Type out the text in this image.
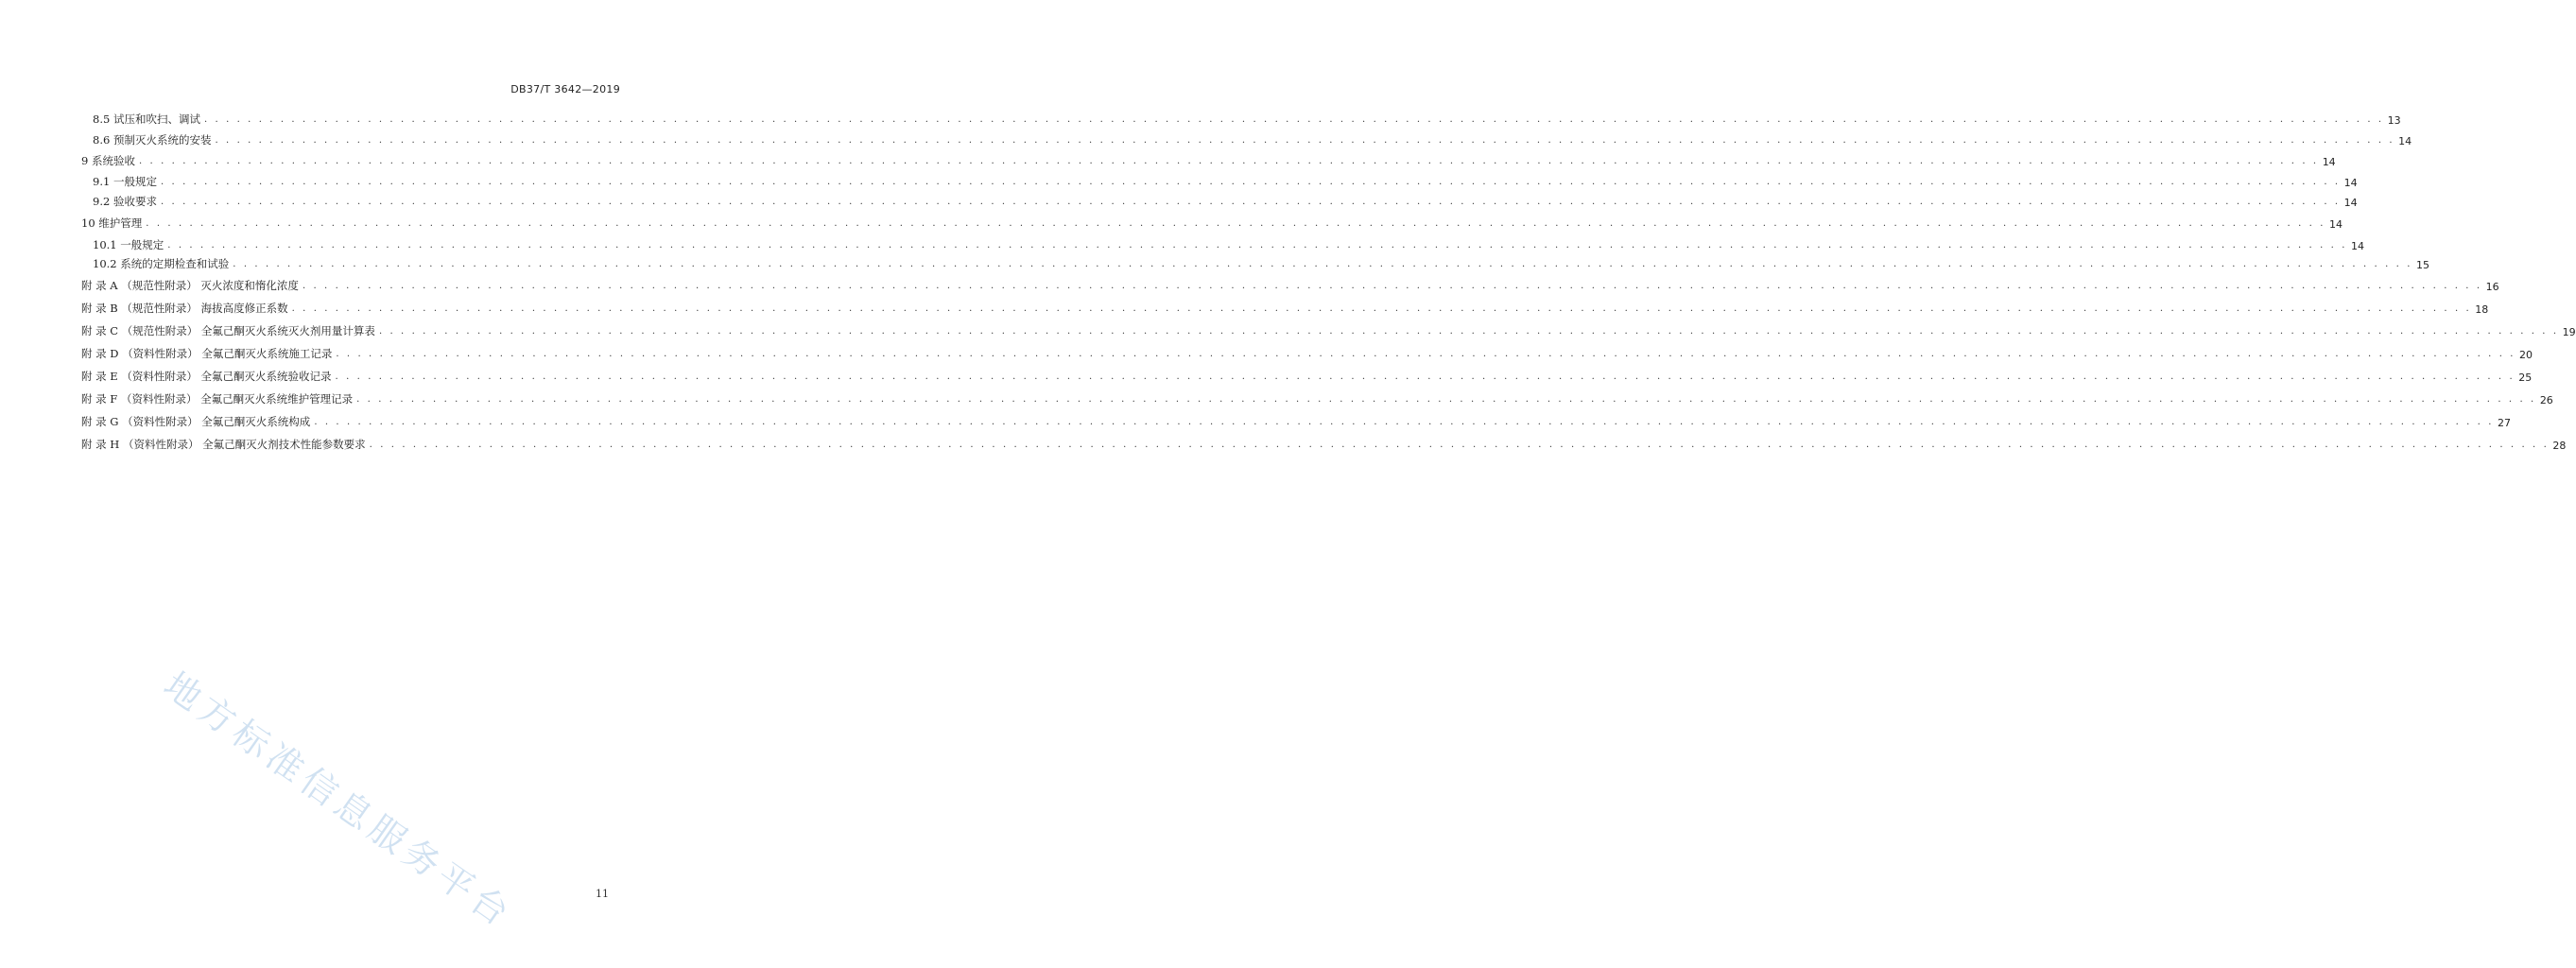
DB37/T 3642—2019
8.5 试压和吹扫、调试 . . . . . . . . . . . . . . . . . . . . . . . . . . . . . . . . . . . . . . . . . . . . . . . . . . . . . . . . . . . . . . . . . . . . . . . . . . . . . . . . . . . . . . . . . . . . . . . . . . . . . . . . . . . . . . . . . . . . . . . . . . . . . . . . . . . . . . . . . . . . . . . . . . . . . . . . . . . . . . . . . . . . . . . . . . . . . . . . . . . . . . . . . . . . . . . . . . . . . . . . 13
8.6 预制灭火系统的安装 . . . . . . . . . . . . . . . . . . . . . . . . . . . . . . . . . . . . . . . . . . . . . . . . . . . . . . . . . . . . . . . . . . . . . . . . . . . . . . . . . . . . . . . . . . . . . . . . . . . . . . . . . . . . . . . . . . . . . . . . . . . . . . . . . . . . . . . . . . . . . . . . . . . . . . . . . . . . . . . . . . . . . . . . . . . . . . . . . . . . . . . . . . . . . . . . . . . . . . . . 14
9 系统验收 . . . . . . . . . . . . . . . . . . . . . . . . . . . . . . . . . . . . . . . . . . . . . . . . . . . . . . . . . . . . . . . . . . . . . . . . . . . . . . . . . . . . . . . . . . . . . . . . . . . . . . . . . . . . . . . . . . . . . . . . . . . . . . . . . . . . . . . . . . . . . . . . . . . . . . . . . . . . . . . . . . . . . . . . . . . . . . . . . . . . . . . . . . . . . . . . . . . . . . . . 14
9.1 一般规定 . . . . . . . . . . . . . . . . . . . . . . . . . . . . . . . . . . . . . . . . . . . . . . . . . . . . . . . . . . . . . . . . . . . . . . . . . . . . . . . . . . . . . . . . . . . . . . . . . . . . . . . . . . . . . . . . . . . . . . . . . . . . . . . . . . . . . . . . . . . . . . . . . . . . . . . . . . . . . . . . . . . . . . . . . . . . . . . . . . . . . . . . . . . . . . . . . . . . . . . . 14
9.2 验收要求 . . . . . . . . . . . . . . . . . . . . . . . . . . . . . . . . . . . . . . . . . . . . . . . . . . . . . . . . . . . . . . . . . . . . . . . . . . . . . . . . . . . . . . . . . . . . . . . . . . . . . . . . . . . . . . . . . . . . . . . . . . . . . . . . . . . . . . . . . . . . . . . . . . . . . . . . . . . . . . . . . . . . . . . . . . . . . . . . . . . . . . . . . . . . . . . . . . . . . . . . 14
10 维护管理 . . . . . . . . . . . . . . . . . . . . . . . . . . . . . . . . . . . . . . . . . . . . . . . . . . . . . . . . . . . . . . . . . . . . . . . . . . . . . . . . . . . . . . . . . . . . . . . . . . . . . . . . . . . . . . . . . . . . . . . . . . . . . . . . . . . . . . . . . . . . . . . . . . . . . . . . . . . . . . . . . . . . . . . . . . . . . . . . . . . . . . . . . . . . . . . . . . . . . . . . 14
10.1 一般规定 . . . . . . . . . . . . . . . . . . . . . . . . . . . . . . . . . . . . . . . . . . . . . . . . . . . . . . . . . . . . . . . . . . . . . . . . . . . . . . . . . . . . . . . . . . . . . . . . . . . . . . . . . . . . . . . . . . . . . . . . . . . . . . . . . . . . . . . . . . . . . . . . . . . . . . . . . . . . . . . . . . . . . . . . . . . . . . . . . . . . . . . . . . . . . . . . . . . . . . . . 14
10.2 系统的定期检查和试验 . . . . . . . . . . . . . . . . . . . . . . . . . . . . . . . . . . . . . . . . . . . . . . . . . . . . . . . . . . . . . . . . . . . . . . . . . . . . . . . . . . . . . . . . . . . . . . . . . . . . . . . . . . . . . . . . . . . . . . . . . . . . . . . . . . . . . . . . . . . . . . . . . . . . . . . . . . . . . . . . . . . . . . . . . . . . . . . . . . . . . . . . . . . . . . . . . . . . . . . . 15
附 录 A （规范性附录） 灭火浓度和惰化浓度 . . . . . . . . . . . . . . . . . . . . . . . . . . . . . . . . . . . . . . . . . . . . . . . . . . . . . . . . . . . . . . . . . . . . . . . . . . . . . . . . . . . . . . . . . . . . . . . . . . . . . . . . . . . . . . . . . . . . . . . . . . . . . . . . . . . . . . . . . . . . . . . . . . . . . . . . . . . . . . . . . . . . . . . . . . . . . . . . . . . . . . . . . . . . . . . . . . . . . . . . 16
附 录 B （规范性附录） 海拔高度修正系数 . . . . . . . . . . . . . . . . . . . . . . . . . . . . . . . . . . . . . . . . . . . . . . . . . . . . . . . . . . . . . . . . . . . . . . . . . . . . . . . . . . . . . . . . . . . . . . . . . . . . . . . . . . . . . . . . . . . . . . . . . . . . . . . . . . . . . . . . . . . . . . . . . . . . . . . . . . . . . . . . . . . . . . . . . . . . . . . . . . . . . . . . . . . . . . . . . . . . . . . . 18
附 录 C （规范性附录） 全氟己酮灭火系统灭火剂用量计算表 . . . . . . . . . . . . . . . . . . . . . . . . . . . . . . . . . . . . . . . . . . . . . . . . . . . . . . . . . . . . . . . . . . . . . . . . . . . . . . . . . . . . . . . . . . . . . . . . . . . . . . . . . . . . . . . . . . . . . . . . . . . . . . . . . . . . . . . . . . . . . . . . . . . . . . . . . . . . . . . . . . . . . . . . . . . . . . . . . . . . . . . . . . . . . . . . . . . . . . . . 19
附 录 D （资料性附录） 全氟己酮灭火系统施工记录 . . . . . . . . . . . . . . . . . . . . . . . . . . . . . . . . . . . . . . . . . . . . . . . . . . . . . . . . . . . . . . . . . . . . . . . . . . . . . . . . . . . . . . . . . . . . . . . . . . . . . . . . . . . . . . . . . . . . . . . . . . . . . . . . . . . . . . . . . . . . . . . . . . . . . . . . . . . . . . . . . . . . . . . . . . . . . . . . . . . . . . . . . . . . . . . . . . . . . . . . 20
附 录 E （资料性附录） 全氟己酮灭火系统验收记录 . . . . . . . . . . . . . . . . . . . . . . . . . . . . . . . . . . . . . . . . . . . . . . . . . . . . . . . . . . . . . . . . . . . . . . . . . . . . . . . . . . . . . . . . . . . . . . . . . . . . . . . . . . . . . . . . . . . . . . . . . . . . . . . . . . . . . . . . . . . . . . . . . . . . . . . . . . . . . . . . . . . . . . . . . . . . . . . . . . . . . . . . . . . . . . . . . . . . . . . . 25
附 录 F （资料性附录） 全氟己酮灭火系统维护管理记录 . . . . . . . . . . . . . . . . . . . . . . . . . . . . . . . . . . . . . . . . . . . . . . . . . . . . . . . . . . . . . . . . . . . . . . . . . . . . . . . . . . . . . . . . . . . . . . . . . . . . . . . . . . . . . . . . . . . . . . . . . . . . . . . . . . . . . . . . . . . . . . . . . . . . . . . . . . . . . . . . . . . . . . . . . . . . . . . . . . . . . . . . . . . . . . . . . . . . . . . . 26
附 录 G （资料性附录） 全氟己酮灭火系统构成 . . . . . . . . . . . . . . . . . . . . . . . . . . . . . . . . . . . . . . . . . . . . . . . . . . . . . . . . . . . . . . . . . . . . . . . . . . . . . . . . . . . . . . . . . . . . . . . . . . . . . . . . . . . . . . . . . . . . . . . . . . . . . . . . . . . . . . . . . . . . . . . . . . . . . . . . . . . . . . . . . . . . . . . . . . . . . . . . . . . . . . . . . . . . . . . . . . . . . . . . 27
附 录 H （资料性附录） 全氟己酮灭火剂技术性能参数要求 . . . . . . . . . . . . . . . . . . . . . . . . . . . . . . . . . . . . . . . . . . . . . . . . . . . . . . . . . . . . . . . . . . . . . . . . . . . . . . . . . . . . . . . . . . . . . . . . . . . . . . . . . . . . . . . . . . . . . . . . . . . . . . . . . . . . . . . . . . . . . . . . . . . . . . . . . . . . . . . . . . . . . . . . . . . . . . . . . . . . . . . . . . . . . . . . . . . . . . . . 28
地方标准信息服务平台	11
